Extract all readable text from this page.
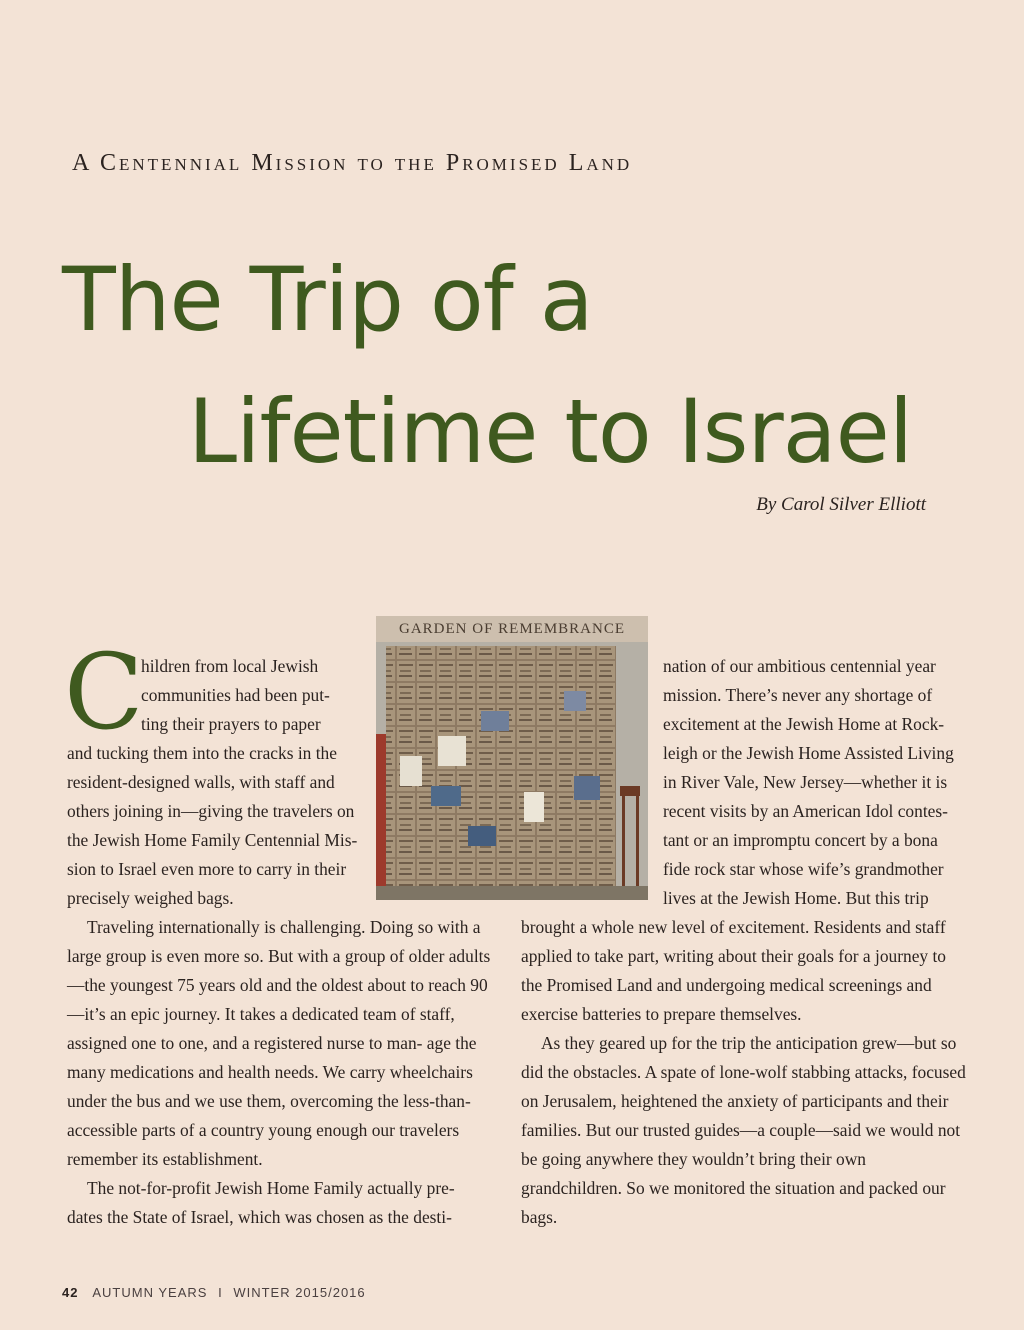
A Centennial Mission to the Promised Land
The Trip of a
Lifetime to Israel
By Carol Silver Elliott
GARDEN OF REMEMBRANCE
C
hildren from local Jewish
communities had been put-
ting their prayers to paper
and tucking them into the cracks in the
resident-designed walls, with staff and
others joining in—giving the travelers on
the Jewish Home Family Centennial Mis-
sion to Israel even more to carry in their
precisely weighed bags.
nation of our ambitious centennial year
mission. There’s never any shortage of
excitement at the Jewish Home at Rock-
leigh or the Jewish Home Assisted Living
in River Vale, New Jersey—whether it is
recent visits by an American Idol contes-
tant or an impromptu concert by a bona
fide rock star whose wife’s grandmother
lives at the Jewish Home. But this trip

Traveling internationally is challenging. Doing so with a large group is even more so. But with a group of older adults—the youngest 75 years old and the oldest about to reach 90—it’s an epic journey. It takes a dedicated team of staff, assigned one to one, and a registered nurse to man- age the many medications and health needs. We carry wheelchairs under the bus and we use them, overcoming the less-than-accessible parts of a country young enough our travelers remember its establishment.

The not-for-profit Jewish Home Family actually pre- dates the State of Israel, which was chosen as the desti-

brought a whole new level of excitement. Residents and staff applied to take part, writing about their goals for a journey to the Promised Land and undergoing medical screenings and exercise batteries to prepare themselves.

As they geared up for the trip the anticipation grew—but so did the obstacles. A spate of lone-wolf stabbing attacks, focused on Jerusalem, heightened the anxiety of participants and their families. But our trusted guides—a couple—said we would not be going anywhere they wouldn’t bring their own grandchildren. So we monitored the situation and packed our bags.

42 AUTUMN YEARS I WINTER 2015/2016
